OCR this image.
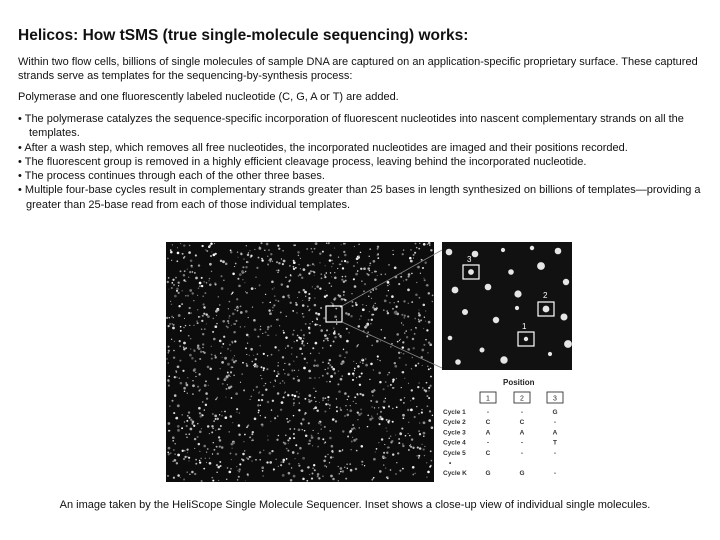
Helicos: How tSMS (true single-molecule sequencing) works:
Within two flow cells, billions of single molecules of sample DNA are captured on an application-specific proprietary surface. These captured strands serve as templates for the sequencing-by-synthesis process:
Polymerase and one fluorescently labeled nucleotide (C, G, A or T) are added.
• The polymerase catalyzes the sequence-specific incorporation of fluorescent nucleotides into nascent complementary strands on all the templates.
• After a wash step, which removes all free nucleotides, the incorporated nucleotides are imaged and their positions recorded.
• The fluorescent group is removed in a highly efficient cleavage process, leaving behind the incorporated nucleotide.
• The process continues through each of the other three bases.
• Multiple four-base cycles result in complementary strands greater than 25 bases in length synthesized on billions of templates—providing a greater than 25-base read from each of those individual templates.
3
2
1
Position
1	2	3
Cycle 1	-	-	G
Cycle 2	C	C	-
Cycle 3	A	A	A
Cycle 4	-	-	T
Cycle 5	C	-	-
•
Cycle K	G	G	-
An image taken by the HeliScope Single Molecule Sequencer. Inset shows a close-up view of individual single molecules.
